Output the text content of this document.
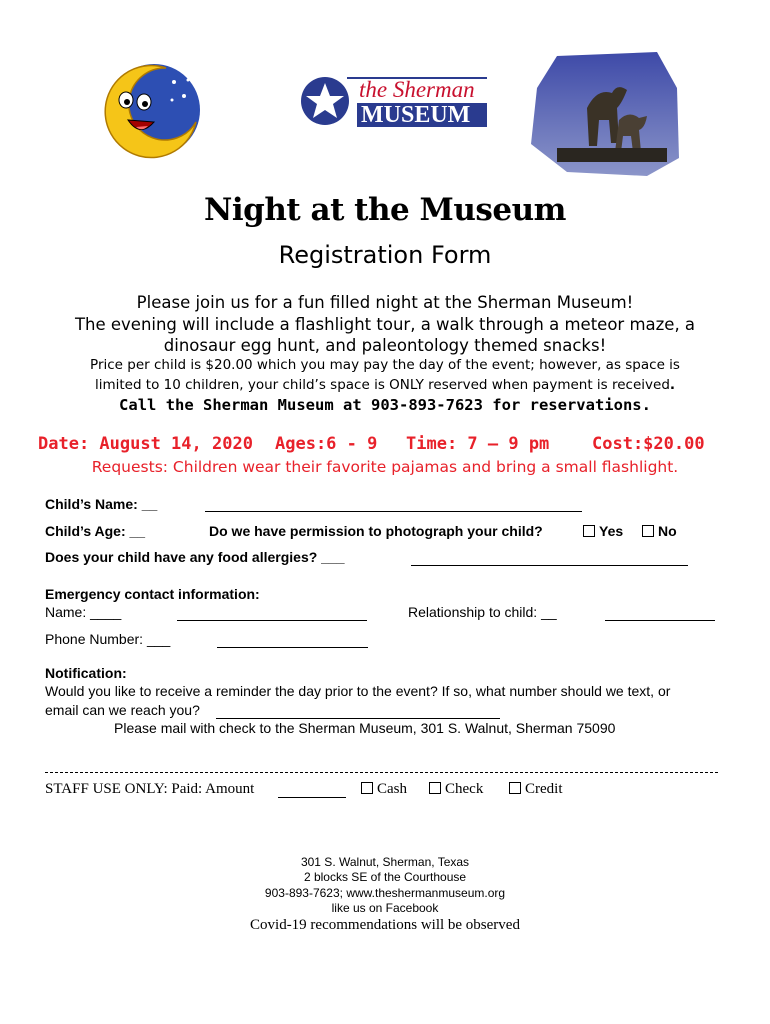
the Sherman
MUSEUM
Night at the Museum
Registration Form
Please join us for a fun filled night at the Sherman Museum!
The evening will include a flashlight tour, a walk through a meteor maze, a
dinosaur egg hunt, and paleontology themed snacks!
Price per child is $20.00 which you may pay the day of the event; however, as space is
limited to 10 children, your child’s space is ONLY reserved when payment is received.
Call the Sherman Museum at 903-893-7623 for reservations.
Date: August 14, 2020 Ages:6 - 9 Time: 7 – 9 pm	Cost:$20.00
Requests: Children wear their favorite pajamas and bring a small flashlight.
Child’s Name: __
Child’s Age: __	Do we have permission to photograph your child?	Yes	No
Does your child have any food allergies? ___
Emergency contact information:
Name: ____	Relationship to child: __
Phone Number: ___
Notification:
Would you like to receive a reminder the day prior to the event? If so, what number should we text, or
email can we reach you?
Please mail with check to the Sherman Museum, 301 S. Walnut, Sherman 75090
STAFF USE ONLY: Paid: Amount	Cash	Check	Credit
301 S. Walnut, Sherman, Texas
2 blocks SE of the Courthouse
903-893-7623; www.theshermanmuseum.org
like us on Facebook
Covid-19 recommendations will be observed
